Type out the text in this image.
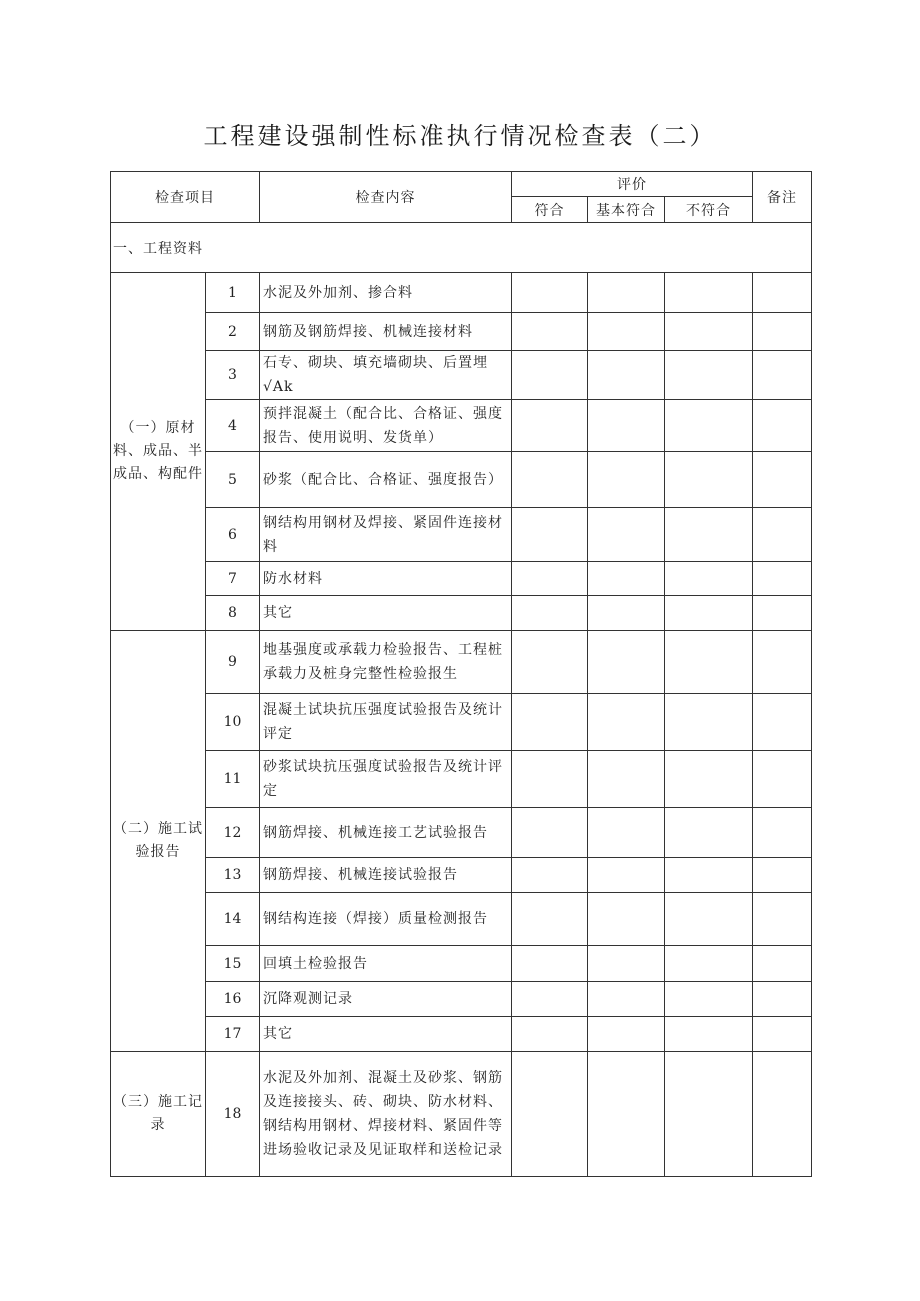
工程建设强制性标准执行情况检查表（二）
检查项目		检查内容	评价			备注
			符合	基本符合	不符合	
一、工程资料						
（一）原材料、成品、半成品、构配件	1	水泥及外加剂、掺合料				
	2	钢筋及钢筋焊接、机械连接材料				
	3	石专、砌块、填充墙砌块、后置埋√Ak				
	4	预拌混凝土（配合比、合格证、强度报告、使用说明、发货单）				
	5	砂浆（配合比、合格证、强度报告）				
	6	钢结构用钢材及焊接、紧固件连接材料				
	7	防水材料				
	8	其它				
（二）施工试验报告	9	地基强度或承载力检验报告、工程桩承载力及桩身完整性检验报生				
	10	混凝土试块抗压强度试验报告及统计评定				
	11	砂浆试块抗压强度试验报告及统计评定				
	12	钢筋焊接、机械连接工艺试验报告				
	13	钢筋焊接、机械连接试验报告				
	14	钢结构连接（焊接）质量检测报告				
	15	回填土检验报告				
	16	沉降观测记录				
	17	其它				
（三）施工记录	18	水泥及外加剂、混凝土及砂浆、钢筋及连接接头、砖、砌块、防水材料、钢结构用钢材、焊接材料、紧固件等进场验收记录及见证取样和送检记录				
